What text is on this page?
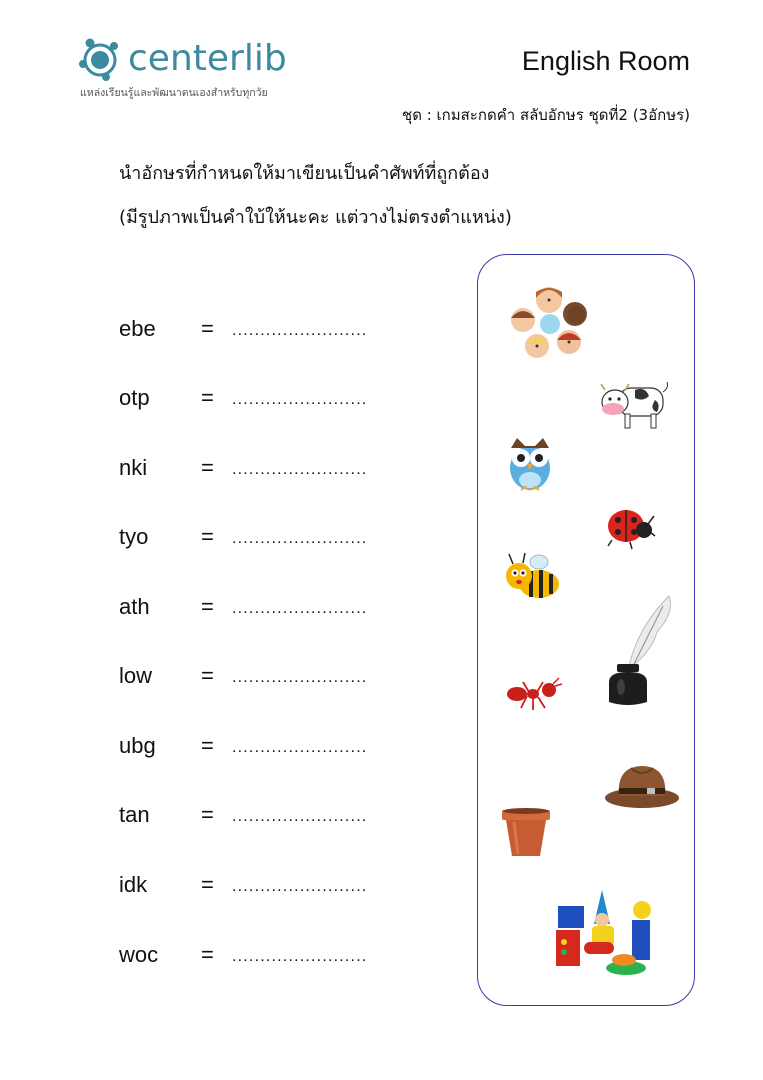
centerlib
แหล่งเรียนรู้และพัฒนาตนเองสำหรับทุกวัย
English Room
ชุด : เกมสะกดคำ สลับอักษร ชุดที่2 (3อักษร)
นำอักษรที่กำหนดให้มาเขียนเป็นคำศัพท์ที่ถูกต้อง
(มีรูปภาพเป็นคำใบ้ให้นะคะ แต่วางไม่ตรงตำแหน่ง)
ebe = ........................
otp = ........................
nki = ........................
tyo = ........................
ath = ........................
low = ........................
ubg = ........................
tan = ........................
idk = ........................
woc = ........................
